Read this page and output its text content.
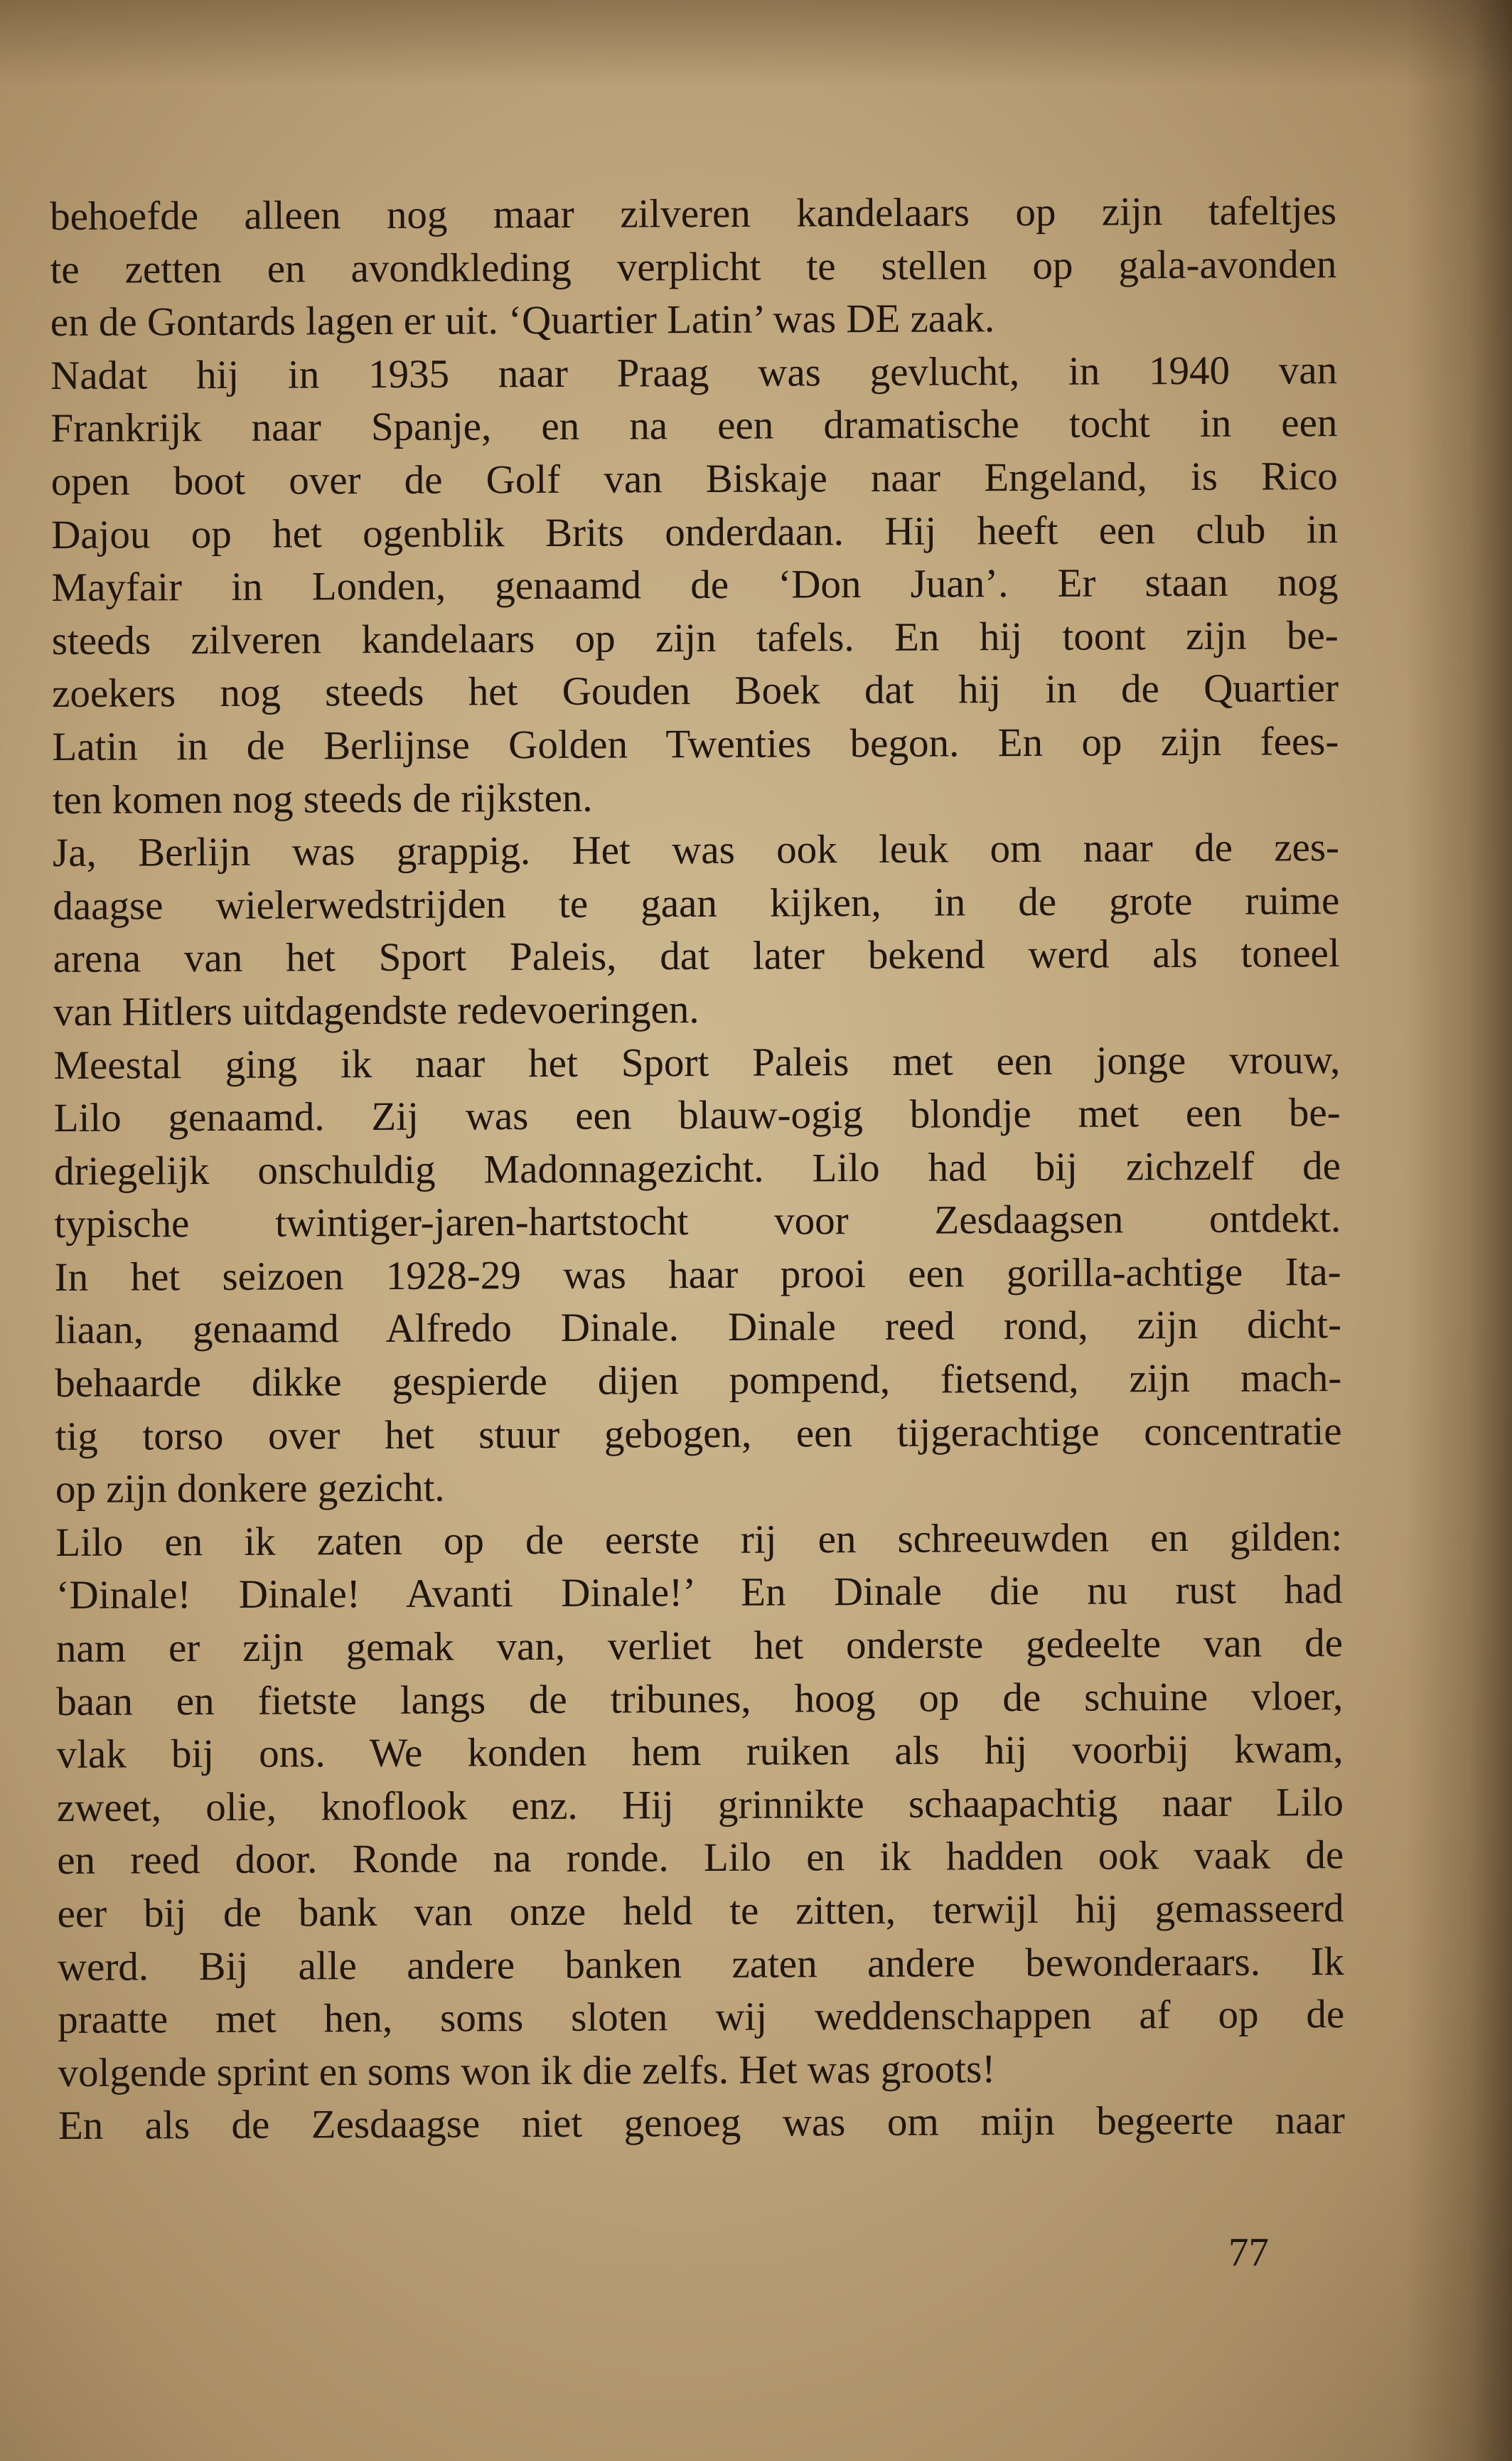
behoefde alleen nog maar zilveren kandelaars op zijn tafeltjes
te zetten en avondkleding verplicht te stellen op gala-avonden
en de Gontards lagen er uit. ‘Quartier Latin’ was DE zaak.
Nadat hij in 1935 naar Praag was gevlucht, in 1940 van
Frankrijk naar Spanje, en na een dramatische tocht in een
open boot over de Golf van Biskaje naar Engeland, is Rico
Dajou op het ogenblik Brits onderdaan. Hij heeft een club in
Mayfair in Londen, genaamd de ‘Don Juan’. Er staan nog
steeds zilveren kandelaars op zijn tafels. En hij toont zijn be-
zoekers nog steeds het Gouden Boek dat hij in de Quartier
Latin in de Berlijnse Golden Twenties begon. En op zijn fees-
ten komen nog steeds de rijksten.
Ja, Berlijn was grappig. Het was ook leuk om naar de zes-
daagse wielerwedstrijden te gaan kijken, in de grote ruime
arena van het Sport Paleis, dat later bekend werd als toneel
van Hitlers uitdagendste redevoeringen.
Meestal ging ik naar het Sport Paleis met een jonge vrouw,
Lilo genaamd. Zij was een blauw-ogig blondje met een be-
driegelijk onschuldig Madonnagezicht. Lilo had bij zichzelf de
typische twintiger-jaren-hartstocht voor Zesdaagsen ontdekt.
In het seizoen 1928-29 was haar prooi een gorilla-achtige Ita-
liaan, genaamd Alfredo Dinale. Dinale reed rond, zijn dicht-
behaarde dikke gespierde dijen pompend, fietsend, zijn mach-
tig torso over het stuur gebogen, een tijgerachtige concentratie
op zijn donkere gezicht.
Lilo en ik zaten op de eerste rij en schreeuwden en gilden:
‘Dinale! Dinale! Avanti Dinale!’ En Dinale die nu rust had
nam er zijn gemak van, verliet het onderste gedeelte van de
baan en fietste langs de tribunes, hoog op de schuine vloer,
vlak bij ons. We konden hem ruiken als hij voorbij kwam,
zweet, olie, knoflook enz. Hij grinnikte schaapachtig naar Lilo
en reed door. Ronde na ronde. Lilo en ik hadden ook vaak de
eer bij de bank van onze held te zitten, terwijl hij gemasseerd
werd. Bij alle andere banken zaten andere bewonderaars. Ik
praatte met hen, soms sloten wij weddenschappen af op de
volgende sprint en soms won ik die zelfs. Het was groots!
En als de Zesdaagse niet genoeg was om mijn begeerte naar
77
